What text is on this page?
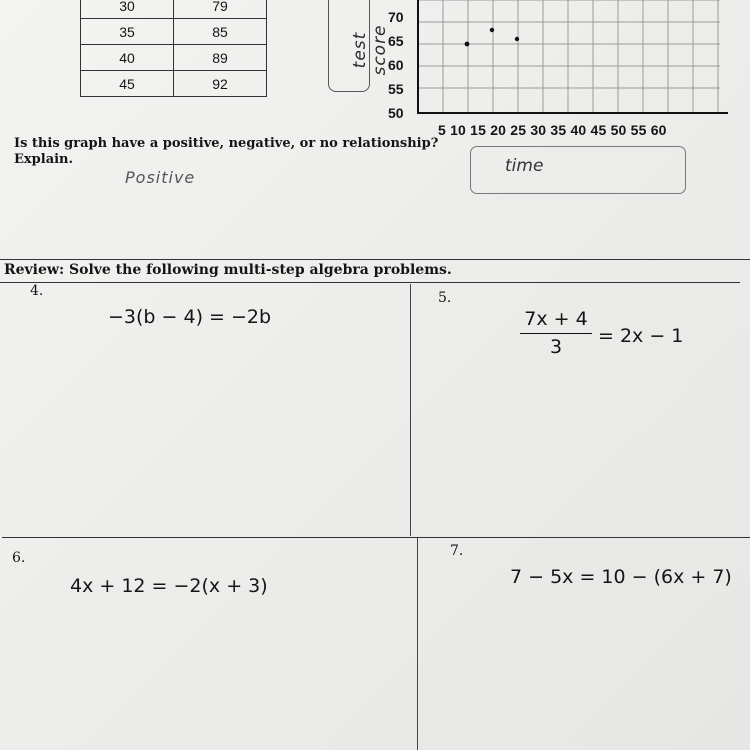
30	79
35	85
40	89
45	92
test score
70
65
60
55
50
5 10 15 20 25 30 35 40 45 50 55 60
Is this graph have a positive, negative, or no relationship?
Explain.
Positive
time
Review: Solve the following multi-step algebra problems.
4.
−3(b − 4) = −2b
5.
7x + 4
3	= 2x − 1
6.
4x + 12 = −2(x + 3)
7.
7 − 5x = 10 − (6x + 7)
